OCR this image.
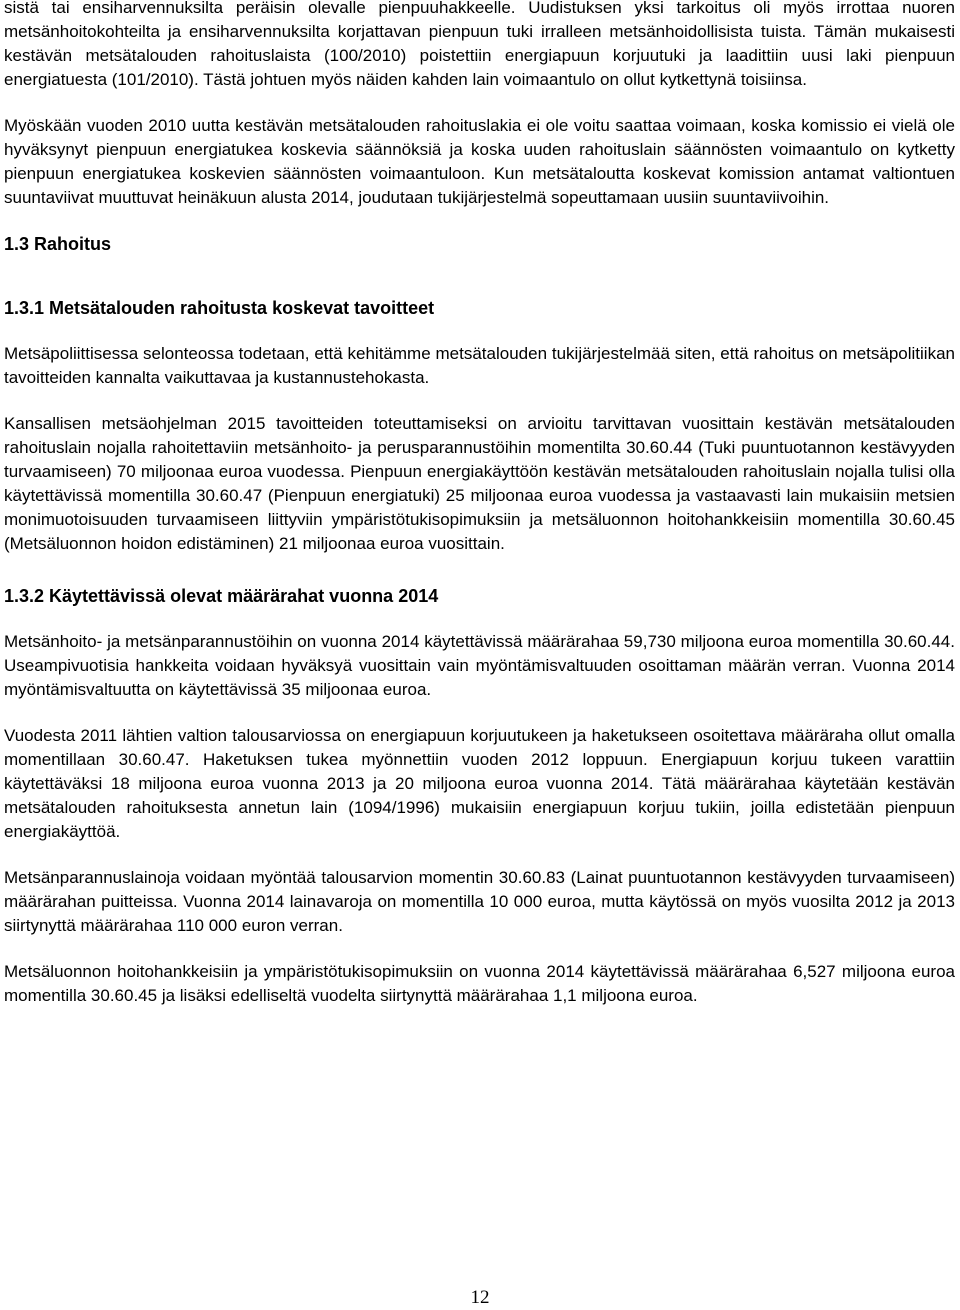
sistä tai ensiharvennuksilta peräisin olevalle pienpuuhakkeelle. Uudistuksen yksi tarkoitus oli myös irrottaa nuoren metsänhoitokohteilta ja ensiharvennuksilta korjattavan pienpuun tuki irralleen metsänhoidollisista tuista. Tämän mukaisesti kestävän metsätalouden rahoituslaista (100/2010) poistettiin energiapuun korjuutuki ja laadittiin uusi laki pienpuun energiatuesta (101/2010). Tästä johtuen myös näiden kahden lain voimaantulo on ollut kytkettynä toisiinsa.

Myöskään vuoden 2010 uutta kestävän metsätalouden rahoituslakia ei ole voitu saattaa voimaan, koska komissio ei vielä ole hyväksynyt pienpuun energiatukea koskevia säännöksiä ja koska uuden rahoituslain säännösten voimaantulo on kytketty pienpuun energiatukea koskevien säännösten voimaantuloon. Kun metsätaloutta koskevat komission antamat valtiontuen suuntaviivat muuttuvat heinäkuun alusta 2014, joudutaan tukijärjestelmä sopeuttamaan uusiin suuntaviivoihin.

1.3 Rahoitus
1.3.1 Metsätalouden rahoitusta koskevat tavoitteet

Metsäpoliittisessa selonteossa todetaan, että kehitämme metsätalouden tukijärjestelmää siten, että rahoitus on metsäpolitiikan tavoitteiden kannalta vaikuttavaa ja kustannustehokasta.

Kansallisen metsäohjelman 2015 tavoitteiden toteuttamiseksi on arvioitu tarvittavan vuosittain kestävän metsätalouden rahoituslain nojalla rahoitettaviin metsänhoito- ja perusparannustöihin momentilta 30.60.44 (Tuki puuntuotannon kestävyyden turvaamiseen) 70 miljoonaa euroa vuodessa. Pienpuun energiakäyttöön kestävän metsätalouden rahoituslain nojalla tulisi olla käytettävissä momentilla 30.60.47 (Pienpuun energiatuki) 25 miljoonaa euroa vuodessa ja vastaavasti lain mukaisiin metsien monimuotoisuuden turvaamiseen liittyviin ympäristötukisopimuksiin ja metsäluonnon hoitohankkeisiin momentilla 30.60.45 (Metsäluonnon hoidon edistäminen) 21 miljoonaa euroa vuosittain.

1.3.2 Käytettävissä olevat määrärahat vuonna 2014

Metsänhoito- ja metsänparannustöihin on vuonna 2014 käytettävissä määrärahaa 59,730 miljoona euroa momentilla 30.60.44. Useampivuotisia hankkeita voidaan hyväksyä vuosittain vain myöntämisvaltuuden osoittaman määrän verran. Vuonna 2014 myöntämisvaltuutta on käytettävissä 35 miljoonaa euroa.

Vuodesta 2011 lähtien valtion talousarviossa on energiapuun korjuutukeen ja haketukseen osoitettava määräraha ollut omalla momentillaan 30.60.47. Haketuksen tukea myönnettiin vuoden 2012 loppuun. Energiapuun korjuu tukeen varattiin käytettäväksi 18 miljoona euroa vuonna 2013 ja 20 miljoona euroa vuonna 2014. Tätä määrärahaa käytetään kestävän metsätalouden rahoituksesta annetun lain (1094/1996) mukaisiin energiapuun korjuu tukiin, joilla edistetään pienpuun energiakäyttöä.

Metsänparannuslainoja voidaan myöntää talousarvion momentin 30.60.83 (Lainat puuntuotannon kestävyyden turvaamiseen) määrärahan puitteissa. Vuonna 2014 lainavaroja on momentilla 10 000 euroa, mutta käytössä on myös vuosilta 2012 ja 2013 siirtynyttä määrärahaa 110 000 euron verran.

Metsäluonnon hoitohankkeisiin ja ympäristötukisopimuksiin on vuonna 2014 käytettävissä määrärahaa 6,527 miljoona euroa momentilla 30.60.45 ja lisäksi edelliseltä vuodelta siirtynyttä määrärahaa 1,1 miljoona euroa.

12
